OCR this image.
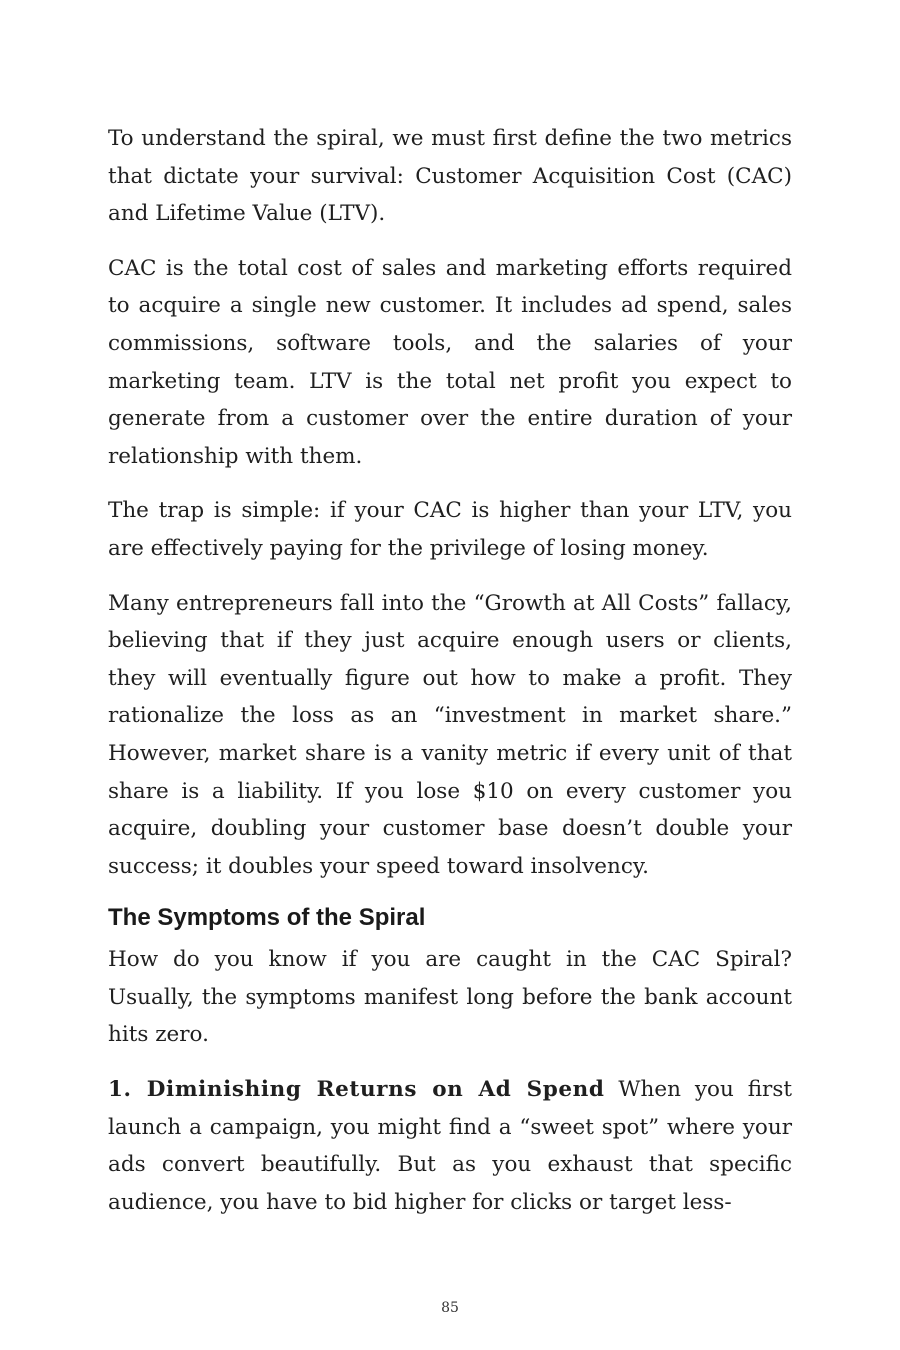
To understand the spiral, we must first define the two metrics that dictate your survival: Customer Acquisition Cost (CAC) and Lifetime Value (LTV).

CAC is the total cost of sales and marketing efforts required to acquire a single new customer. It includes ad spend, sales commissions, software tools, and the salaries of your marketing team. LTV is the total net profit you expect to generate from a customer over the entire duration of your relationship with them.

The trap is simple: if your CAC is higher than your LTV, you are effectively paying for the privilege of losing money.

Many entrepreneurs fall into the “Growth at All Costs” fallacy, believing that if they just acquire enough users or clients, they will eventually figure out how to make a profit. They rationalize the loss as an “investment in market share.” However, market share is a vanity metric if every unit of that share is a liability. If you lose $10 on every customer you acquire, doubling your customer base doesn’t double your success; it doubles your speed toward insolvency.

The Symptoms of the Spiral

How do you know if you are caught in the CAC Spiral? Usually, the symptoms manifest long before the bank account hits zero.

1. Diminishing Returns on Ad Spend When you first launch a campaign, you might find a “sweet spot” where your ads convert beautifully. But as you exhaust that specific audience, you have to bid higher for clicks or target less-

85
